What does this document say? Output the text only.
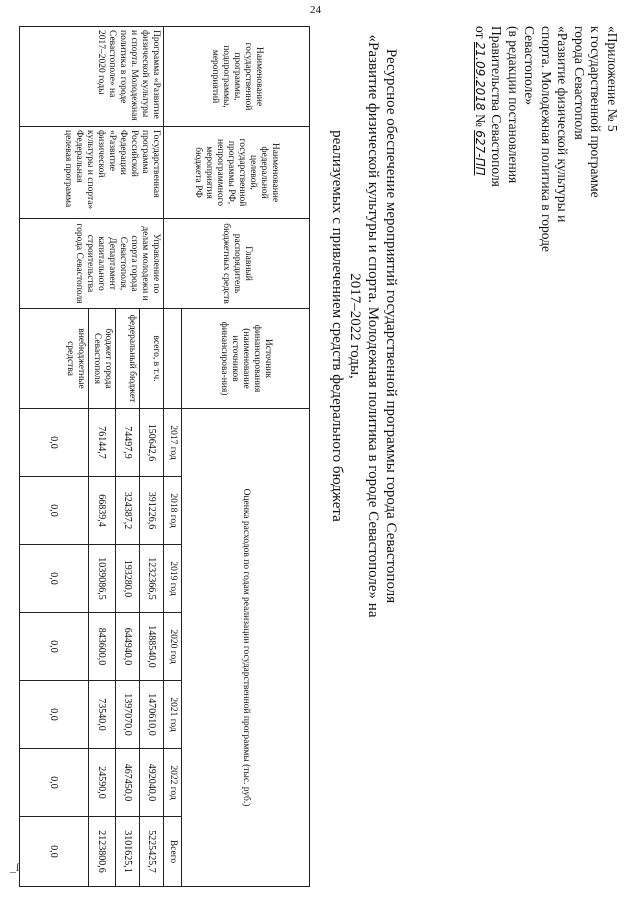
24
_ſ
«Приложение № 5
к государственной программе
города Севастополя
«Развитие физической культуры и
спорта. Молодежная политика в городе
Севастополе»
(в редакции постановления
Правительства Севастополя
от 21.09.2018 № 627-ПП
Ресурсное обеспечение мероприятий государственной программы города Севастополя
«Развитие физической культуры и спорта. Молодежная политика в городе Севастополе» на 2017–2022 годы,
реализуемых с привлечением средств федерального бюджета
Наименование государственной программы, подпрограммы, мероприятий	Наименование федеральной целевой, государственной программы РФ, непрограммного мероприятия бюджета РФ	Главный распорядитель бюджетных средств	Источник финансирования (наименование источников финансирова-ния)	Оценка расходов по годам реализации государственной программы (тыс. руб.)						
				2017 год	2018 год	2019 год	2020 год	2021 год	2022 год	Всего
Программа «Развитие физической культуры и спорта. Молодежная политика в городе Севастополе» на 2017–2020 годы	Государственная программа Российской Федерации «Развитие физической культуры и спорта» Федеральная целевая программа	Управление по делам молодежи и спорта города Севастополя, Департамент капитального строительства города Севастополя	всего, в т.ч.	150642,6	391226,6	1232366,5	1488540,0	1470610,0	492040,0	5225425,7
			федеральный бюджет	74497,9	324387,2	193280,0	644940,0	1397070,0	467450,0	3101625,1
			бюджет города Севастополя	76144,7	66839,4	1039086,5	843600,0	73540,0	24590,0	2123800,6
			внебюджетные средства	0,0	0,0	0,0	0,0	0,0	0,0	0,0
